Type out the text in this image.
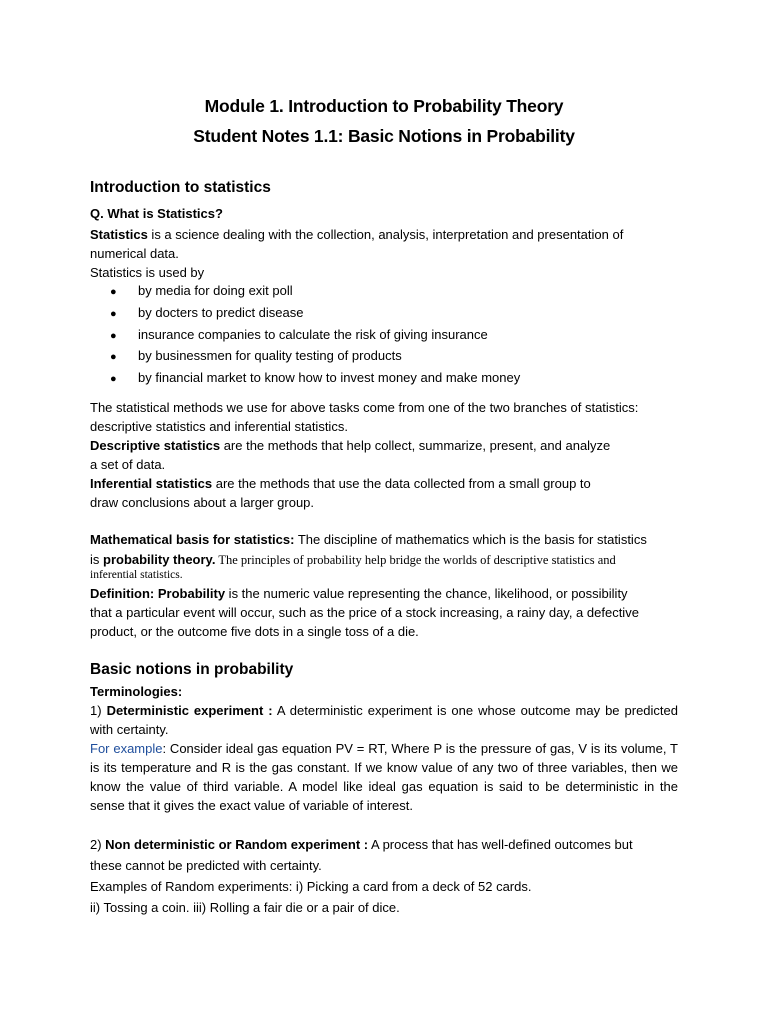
Module 1. Introduction to Probability Theory
Student Notes 1.1: Basic Notions in Probability
Introduction to statistics
Q. What is Statistics?
Statistics is a science dealing with the collection, analysis, interpretation and presentation of
numerical data.
Statistics is used by
● by media for doing exit poll
● by docters to predict disease
● insurance companies to calculate the risk of giving insurance
● by businessmen for quality testing of products
● by financial market to know how to invest money and make money
The statistical methods we use for above tasks come from one of the two branches of statistics:
descriptive statistics and inferential statistics.
Descriptive statistics are the methods that help collect, summarize, present, and analyze
a set of data.
Inferential statistics are the methods that use the data collected from a small group to
draw conclusions about a larger group.
Mathematical basis for statistics: The discipline of mathematics which is the basis for statistics
is probability theory. The principles of probability help bridge the worlds of descriptive statistics and
inferential statistics.
Definition: Probability is the numeric value representing the chance, likelihood, or possibility
that a particular event will occur, such as the price of a stock increasing, a rainy day, a defective
product, or the outcome five dots in a single toss of a die.
Basic notions in probability
Terminologies:
1) Deterministic experiment : A deterministic experiment is one whose outcome may be predicted with certainty.
For example: Consider ideal gas equation PV = RT, Where P is the pressure of gas, V is its volume, T is its temperature and R is the gas constant. If we know value of any two of three variables, then we know the value of third variable. A model like ideal gas equation is said to be deterministic in the sense that it gives the exact value of variable of interest.
2) Non deterministic or Random experiment : A process that has well-defined outcomes but
these cannot be predicted with certainty.
Examples of Random experiments: i) Picking a card from a deck of 52 cards.
ii) Tossing a coin. iii) Rolling a fair die or a pair of dice.
